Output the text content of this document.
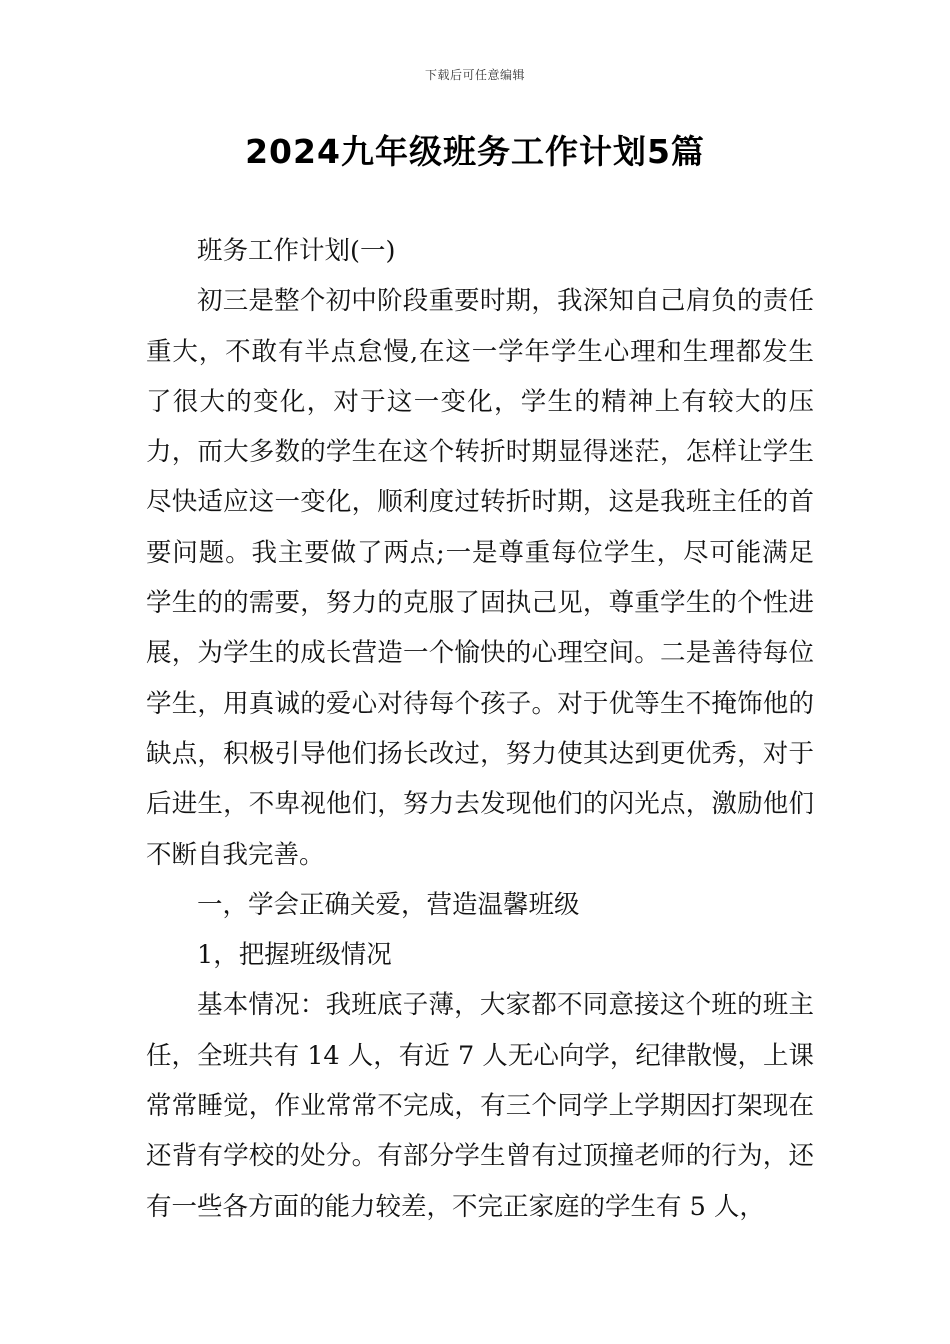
下载后可任意编辑
2024九年级班务工作计划5篇

班务工作计划(一)

初三是整个初中阶段重要时期，我深知自己肩负的责任重大，不敢有半点怠慢,在这一学年学生心理和生理都发生了很大的变化，对于这一变化，学生的精神上有较大的压力，而大多数的学生在这个转折时期显得迷茫，怎样让学生尽快适应这一变化，顺利度过转折时期，这是我班主任的首要问题。我主要做了两点;一是尊重每位学生，尽可能满足学生的的需要，努力的克服了固执己见，尊重学生的个性进展，为学生的成长营造一个愉快的心理空间。二是善待每位学生，用真诚的爱心对待每个孩子。对于优等生不掩饰他的缺点，积极引导他们扬长改过，努力使其达到更优秀，对于后进生，不卑视他们，努力去发现他们的闪光点，激励他们不断自我完善。

一，学会正确关爱，营造温馨班级

1，把握班级情况

基本情况：我班底子薄，大家都不同意接这个班的班主任，全班共有 14 人，有近 7 人无心向学，纪律散慢，上课常常睡觉，作业常常不完成，有三个同学上学期因打架现在还背有学校的处分。有部分学生曾有过顶撞老师的行为，还有一些各方面的能力较差，不完正家庭的学生有 5 人，
